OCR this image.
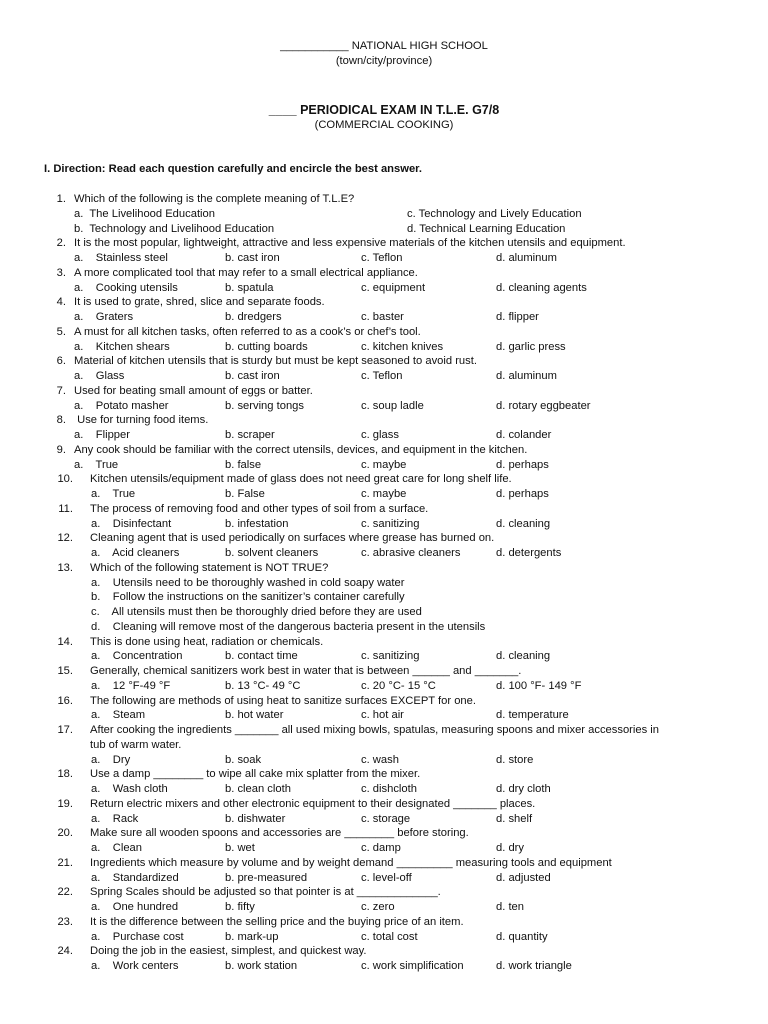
___________ NATIONAL HIGH SCHOOL
(town/city/province)
____ PERIODICAL EXAM IN T.L.E. G7/8
(COMMERCIAL COOKING)
I. Direction: Read each question carefully and encircle the best answer.
1. Which of the following is the complete meaning of T.L.E?
a.  The Livelihood Education	c. Technology and Lively Education
b.  Technology and Livelihood Education	d. Technical Learning Education
2. It is the most popular, lightweight, attractive and less expensive materials of the kitchen utensils and equipment.
a.    Stainless steel	b. cast iron	c. Teflon	d. aluminum
3. A more complicated tool that may refer to a small electrical appliance.
a.    Cooking utensils	b. spatula	c. equipment	d. cleaning agents
4. It is used to grate, shred, slice and separate foods.
a.    Graters	b. dredgers	c. baster	d. flipper
5. A must for all kitchen tasks, often referred to as a cook’s or chef’s tool.
a.    Kitchen shears	b. cutting boards	c. kitchen knives	d. garlic press
6. Material of kitchen utensils that is sturdy but must be kept seasoned to avoid rust.
a.    Glass	b. cast iron	c. Teflon	d. aluminum
7. Used for beating small amount of eggs or batter.
a.    Potato masher	b. serving tongs	c. soup ladle	d. rotary eggbeater
8. Use for turning food items.
a.    Flipper	b. scraper	c. glass	d. colander
9. Any cook should be familiar with the correct utensils, devices, and equipment in the kitchen.
a.    True	b. false	c. maybe	d. perhaps
10. Kitchen utensils/equipment made of glass does not need great care for long shelf life.
a.    True	b. False	c. maybe	d. perhaps
11. The process of removing food and other types of soil from a surface.
a.    Disinfectant	b. infestation	c. sanitizing	d. cleaning
12. Cleaning agent that is used periodically on surfaces where grease has burned on.
a.    Acid cleaners	b. solvent cleaners	c. abrasive cleaners	d. detergents
13. Which of the following statement is NOT TRUE?
a.    Utensils need to be thoroughly washed in cold soapy water
b.    Follow the instructions on the sanitizer’s container carefully
c.    All utensils must then be thoroughly dried before they are used
d.    Cleaning will remove most of the dangerous bacteria present in the utensils
14. This is done using heat, radiation or chemicals.
a.    Concentration	b. contact time	c. sanitizing	d. cleaning
15. Generally, chemical sanitizers work best in water that is between ______ and _______.
a.    12 °F-49 °F	b. 13 °C- 49 °C	c. 20 °C- 15 °C	d. 100 °F- 149 °F
16. The following are methods of using heat to sanitize surfaces EXCEPT for one.
a.    Steam	b. hot water	c. hot air	d. temperature
17. After cooking the ingredients _______ all used mixing bowls, spatulas, measuring spoons and mixer accessories in
tub of warm water.
a.    Dry	b. soak	c. wash	d. store
18. Use a damp ________ to wipe all cake mix splatter from the mixer.
a.    Wash cloth	b. clean cloth	c. dishcloth	d. dry cloth
19. Return electric mixers and other electronic equipment to their designated _______ places.
a.    Rack	b. dishwater	c. storage	d. shelf
20. Make sure all wooden spoons and accessories are ________ before storing.
a.    Clean	b. wet	c. damp	d. dry
21. Ingredients which measure by volume and by weight demand _________ measuring tools and equipment
a.    Standardized	b. pre-measured	c. level-off	d. adjusted
22. Spring Scales should be adjusted so that pointer is at _____________.
a.    One hundred	b. fifty	c. zero	d. ten
23. It is the difference between the selling price and the buying price of an item.
a.    Purchase cost	b. mark-up	c. total cost	d. quantity
24. Doing the job in the easiest, simplest, and quickest way.
a.    Work centers	b. work station	c. work simplification	d. work triangle
